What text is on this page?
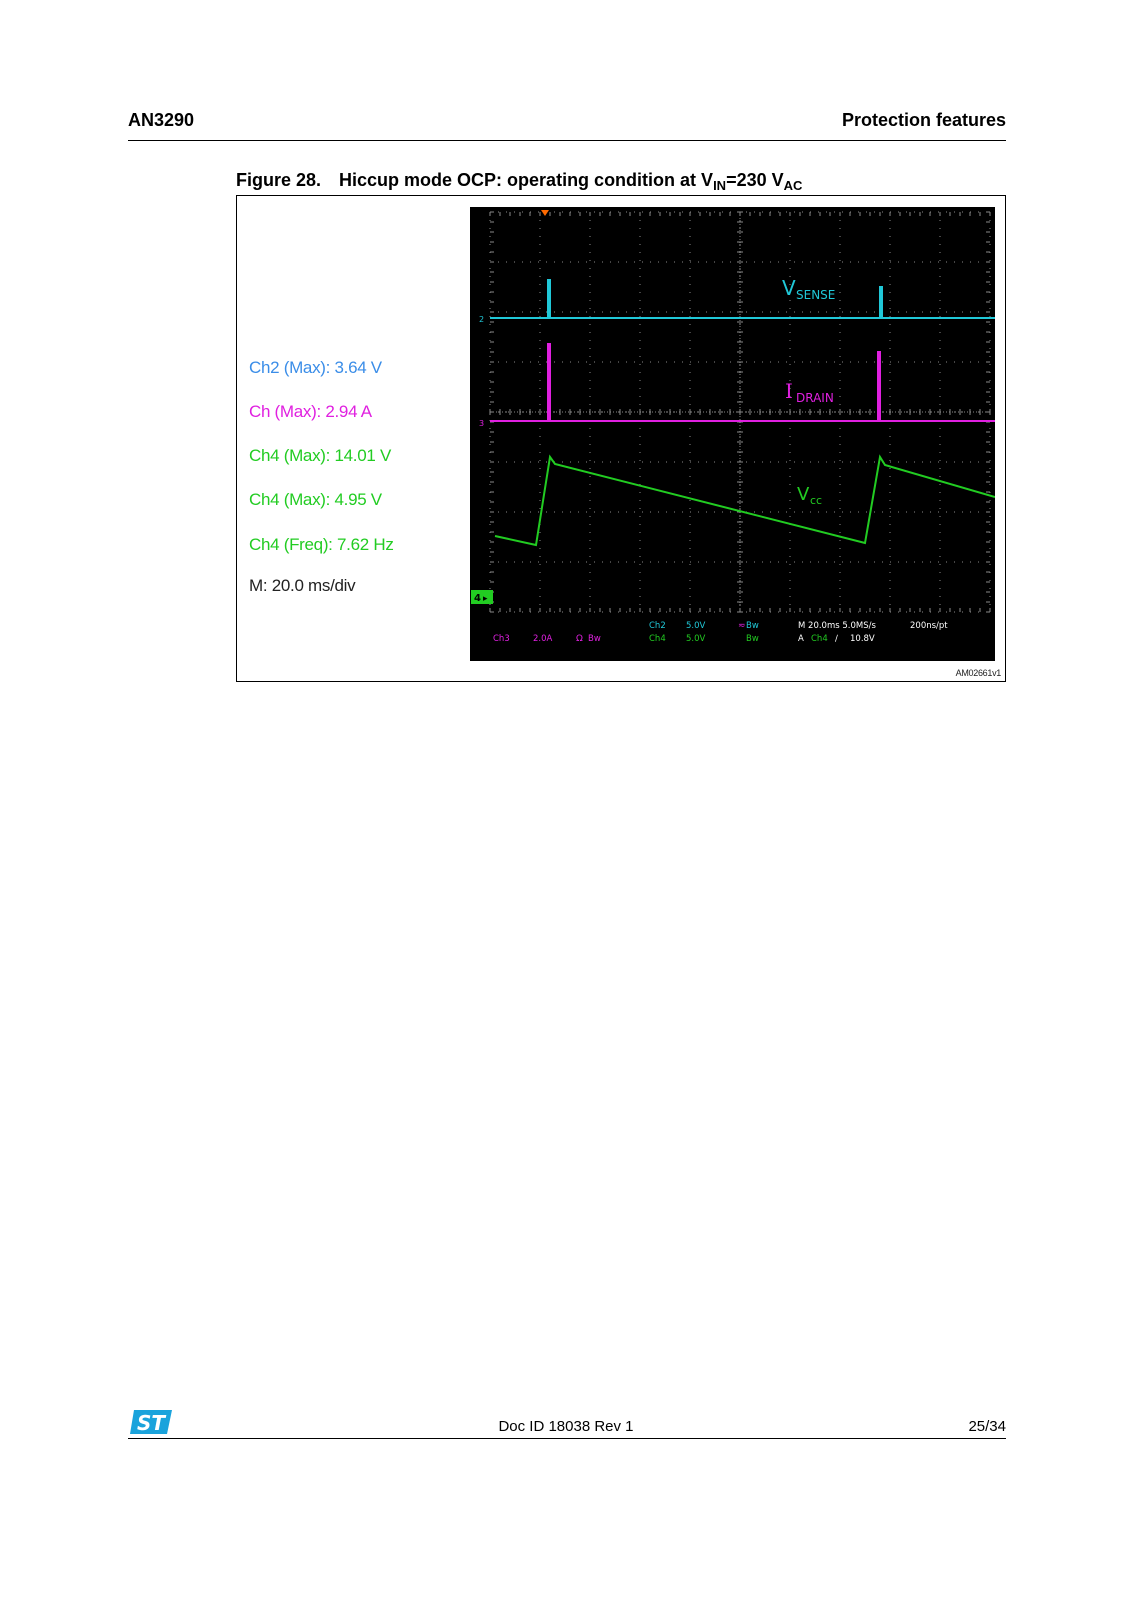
AN3290	Protection features
Figure 28. Hiccup mode OCP: operating condition at $V_{IN}=230$ $V_{AC}$
Ch2 (Max): 3.64 V
Ch (Max): 2.94 A
Ch4 (Max): 14.01 V
Ch4 (Max): 4.95 V
Ch4 (Freq): 7.62 Hz
M: 20.0 ms/div
2
3
4 ▸
V SENSE
I DRAIN
V cc
Ch2 5.0V	≂ Bw
Ch4 5.0V	Bw
Ch3	2.0A	Ω Bw
M 20.0ms 5.0MS/s	200ns/pt
A Ch4 ∕ 10.8V
AM02661v1
ST	Doc ID 18038 Rev 1	25/34
